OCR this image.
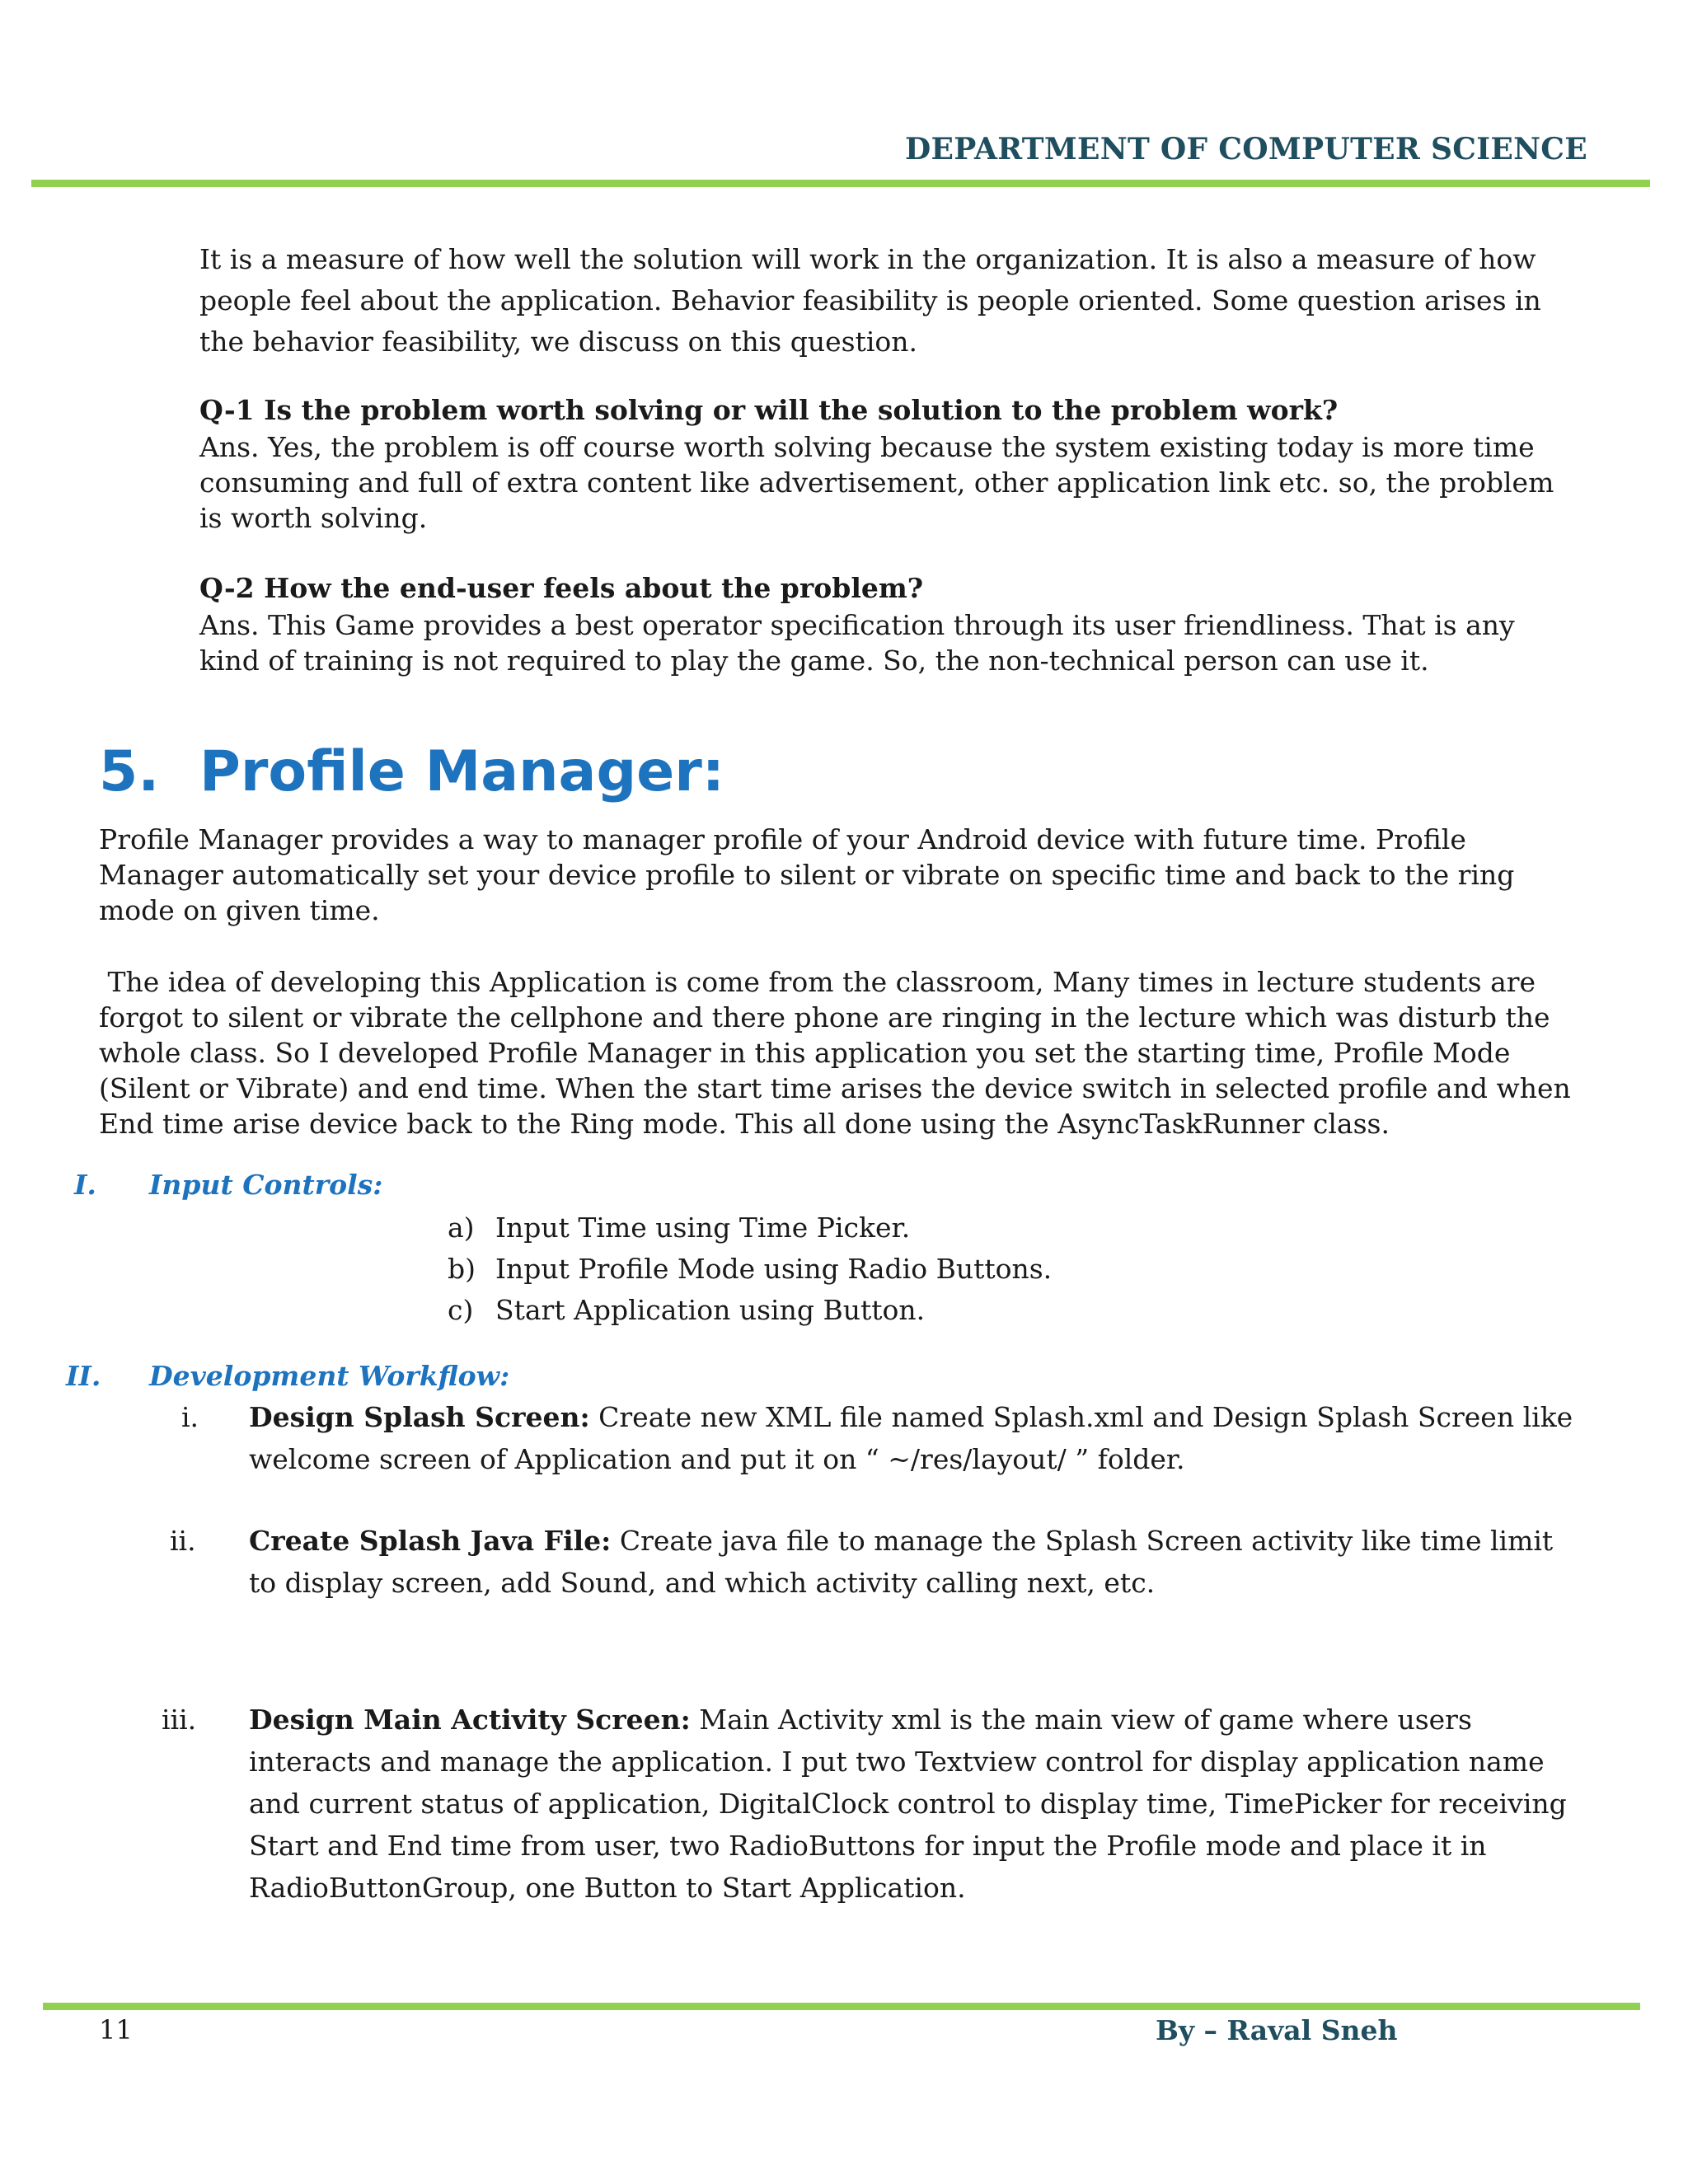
DEPARTMENT OF COMPUTER SCIENCE

It is a measure of how well the solution will work in the organization. It is also a measure of how people feel about the application. Behavior feasibility is people oriented. Some question arises in the behavior feasibility, we discuss on this question.

Q-1 Is the problem worth solving or will the solution to the problem work?

Ans. Yes, the problem is off course worth solving because the system existing today is more time consuming and full of extra content like advertisement, other application link etc. so, the problem is worth solving.

Q-2 How the end-user feels about the problem?

Ans. This Game provides a best operator specification through its user friendliness. That is any kind of training is not required to play the game. So, the non-technical person can use it.

5. Profile Manager:

Profile Manager provides a way to manager profile of your Android device with future time. Profile Manager automatically set your device profile to silent or vibrate on specific time and back to the ring mode on given time.

The idea of developing this Application is come from the classroom, Many times in lecture students are forgot to silent or vibrate the cellphone and there phone are ringing in the lecture which was disturb the whole class. So I developed Profile Manager in this application you set the starting time, Profile Mode (Silent or Vibrate) and end time. When the start time arises the device switch in selected profile and when End time arise device back to the Ring mode. This all done using the AsyncTaskRunner class.

I. Input Controls:
a) Input Time using Time Picker.
b) Input Profile Mode using Radio Buttons.
c) Start Application using Button.
II. Development Workflow:
i. Design Splash Screen: Create new XML file named Splash.xml and Design Splash Screen like welcome screen of Application and put it on “ ~/res/layout/ ” folder.

ii. Create Splash Java File: Create java file to manage the Splash Screen activity like time limit to display screen, add Sound, and which activity calling next, etc.

iii. Design Main Activity Screen: Main Activity xml is the main view of game where users interacts and manage the application. I put two Textview control for display application name and current status of application, DigitalClock control to display time, TimePicker for receiving Start and End time from user, two RadioButtons for input the Profile mode and place it in RadioButtonGroup, one Button to Start Application.

11	By – Raval Sneh
